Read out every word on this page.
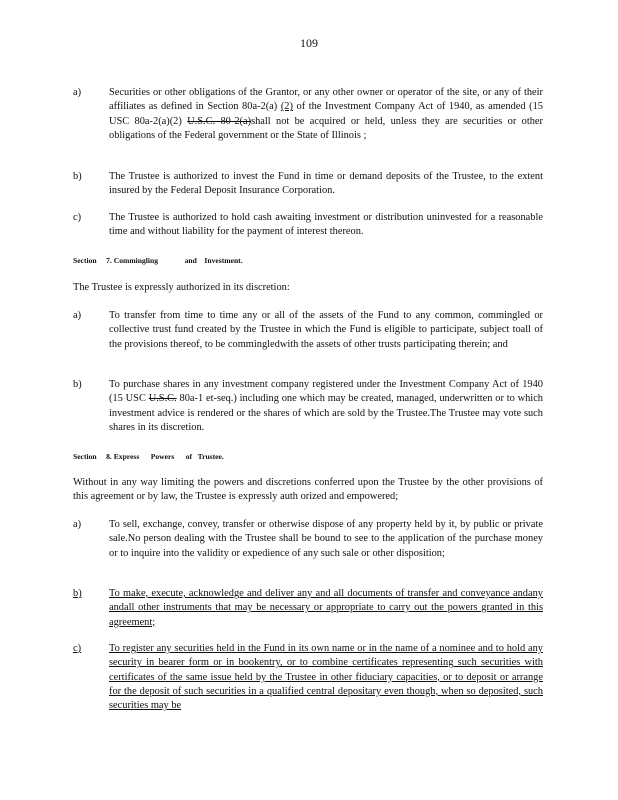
109
a)	Securities or other obligations of the Grantor, or any other owner or operator of the site, or any of their affiliates as defined in Section 80a-2(a) (2) of the Investment Company Act of 1940, as amended (15 USC 80a-2(a)(2) U.S.C. 80-2(a)shall not be acquired or held, unless they are securities or other obligations of the Federal government or the State of Illinois ;
b)	The Trustee is authorized to invest the Fund in time or demand deposits of the Trustee, to the extent insured by the Federal Deposit Insurance Corporation.
c)	The Trustee is authorized to hold cash awaiting investment or distribution uninvested for a reasonable time and without liability for the payment of interest thereon.
Section     7. Commingling              and    Investment.
The Trustee is expressly authorized in its discretion:
a)	To transfer from time to time any or all of the assets of the Fund to any common, commingled or collective trust fund created by the Trustee in which the Fund is eligible to participate, subject toall of the provisions thereof, to be commingledwith the assets of other trusts participating therein; and
b)	To purchase shares in any investment company registered under the Investment Company Act of 1940 (15 USC U.S.C. 80a-1 et-seq.) including one which may be created, managed, underwritten or to which investment advice is rendered or the shares of which are sold by the Trustee.The Trustee may vote such shares in its discretion.
Section     8. Express      Powers      of   Trustee.
Without in any way limiting the powers and discretions conferred upon the Trustee by the other provisions of this agreement or by law, the Trustee is expressly auth orized and empowered;
a)	To sell, exchange, convey, transfer or otherwise dispose of any property held by it, by public or private sale.No person dealing with the Trustee shall be bound to see to the application of the purchase money or to inquire into the validity or expedience of any such sale or other disposition;
b)	To make, execute, acknowledge and deliver any and all documents of transfer and conveyance andany andall other instruments that may be necessary or appropriate to carry out the powers granted in this agreement;
c)	To register any securities held in the Fund in its own name or in the name of a nominee and to hold any security in bearer form or in bookentry, or to combine certificates representing such securities with certificates of the same issue held by the Trustee in other fiduciary capacities, or to deposit or arrange for the deposit of such securities in a qualified central depositary even though, when so deposited, such securities may be
